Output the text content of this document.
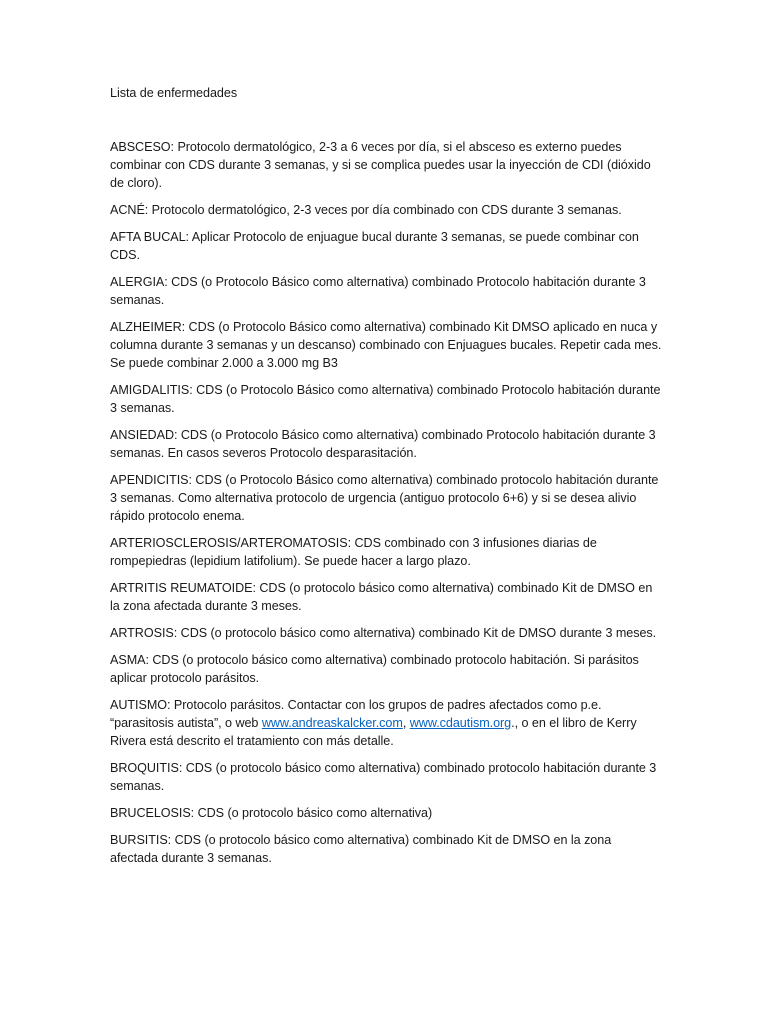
Lista de enfermedades

ABSCESO: Protocolo dermatológico, 2-3 a 6 veces por día, si el absceso es externo puedes combinar con CDS durante 3 semanas, y si se complica puedes usar la inyección de CDI (dióxido de cloro).

ACNÉ: Protocolo dermatológico, 2-3 veces por día combinado con CDS durante 3 semanas.

AFTA BUCAL: Aplicar Protocolo de enjuague bucal durante 3 semanas, se puede combinar con CDS.

ALERGIA: CDS (o Protocolo Básico como alternativa) combinado Protocolo habitación durante 3 semanas.

ALZHEIMER: CDS (o Protocolo Básico como alternativa) combinado Kit DMSO aplicado en nuca y columna durante 3 semanas y un descanso) combinado con Enjuagues bucales. Repetir cada mes. Se puede combinar 2.000 a 3.000 mg B3

AMIGDALITIS: CDS (o Protocolo Básico como alternativa) combinado Protocolo habitación durante 3 semanas.

ANSIEDAD: CDS (o Protocolo Básico como alternativa) combinado Protocolo habitación durante 3 semanas. En casos severos Protocolo desparasitación.

APENDICITIS: CDS (o Protocolo Básico como alternativa) combinado protocolo habitación durante 3 semanas. Como alternativa protocolo de urgencia (antiguo protocolo 6+6) y si se desea alivio rápido protocolo enema.

ARTERIOSCLEROSIS/ARTEROMATOSIS: CDS combinado con 3 infusiones diarias de rompepiedras (lepidium latifolium). Se puede hacer a largo plazo.

ARTRITIS REUMATOIDE: CDS (o protocolo básico como alternativa) combinado Kit de DMSO en la zona afectada durante 3 meses.

ARTROSIS: CDS (o protocolo básico como alternativa) combinado Kit de DMSO durante 3 meses.

ASMA: CDS (o protocolo básico como alternativa) combinado protocolo habitación. Si parásitos aplicar protocolo parásitos.

AUTISMO: Protocolo parásitos. Contactar con los grupos de padres afectados como p.e. “parasitosis autista”, o web www.andreaskalcker.com, www.cdautism.org., o en el libro de Kerry Rivera está descrito el tratamiento con más detalle.

BROQUITIS: CDS (o protocolo básico como alternativa) combinado protocolo habitación durante 3 semanas.

BRUCELOSIS: CDS (o protocolo básico como alternativa)

BURSITIS: CDS (o protocolo básico como alternativa) combinado Kit de DMSO en la zona afectada durante 3 semanas.
